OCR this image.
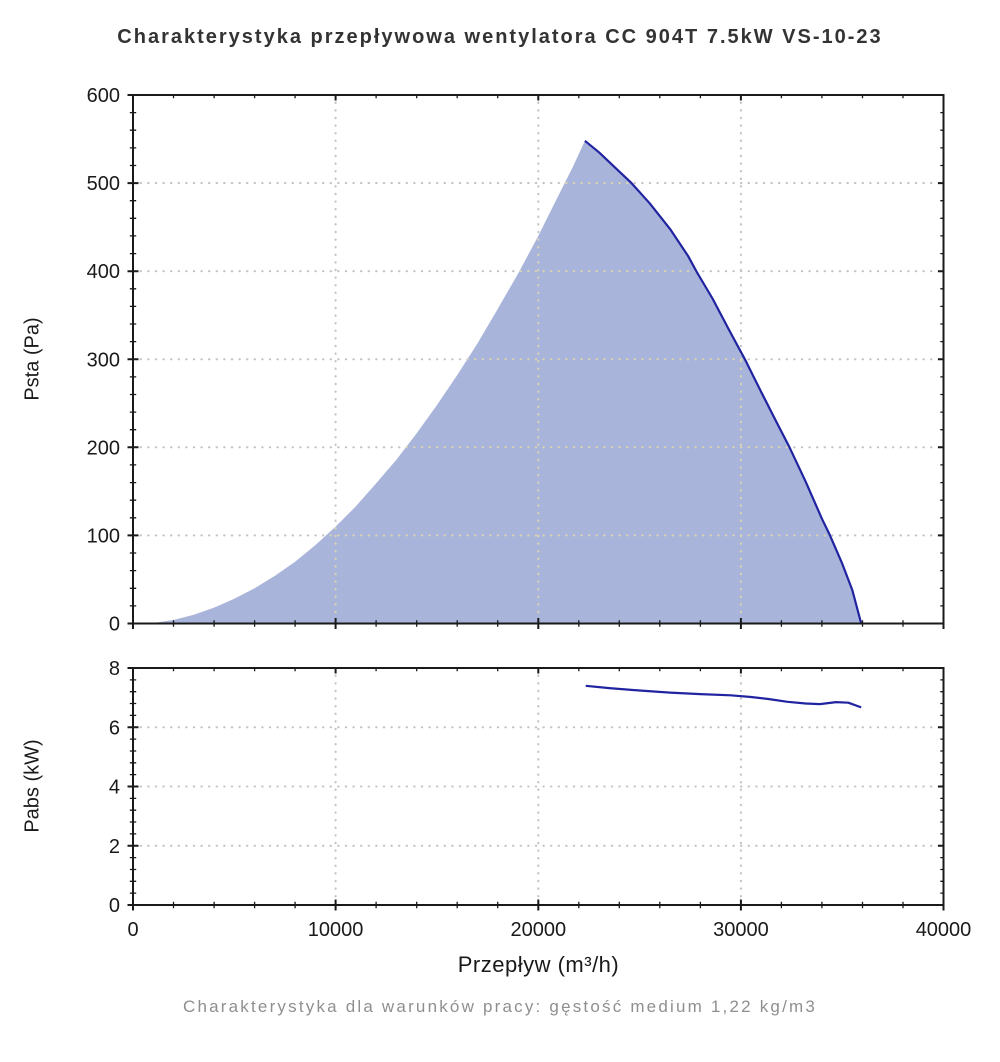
Charakterystyka przepływowa wentylatora CC 904T 7.5kW VS-10-23
0
100
200
300
400
500
600
0
2
4
6
8
0	10000	20000	30000	40000
Psta (Pa)
Pabs (kW)
Przepływ (m³/h)
Charakterystyka dla warunków pracy: gęstość medium 1,22 kg/m3
